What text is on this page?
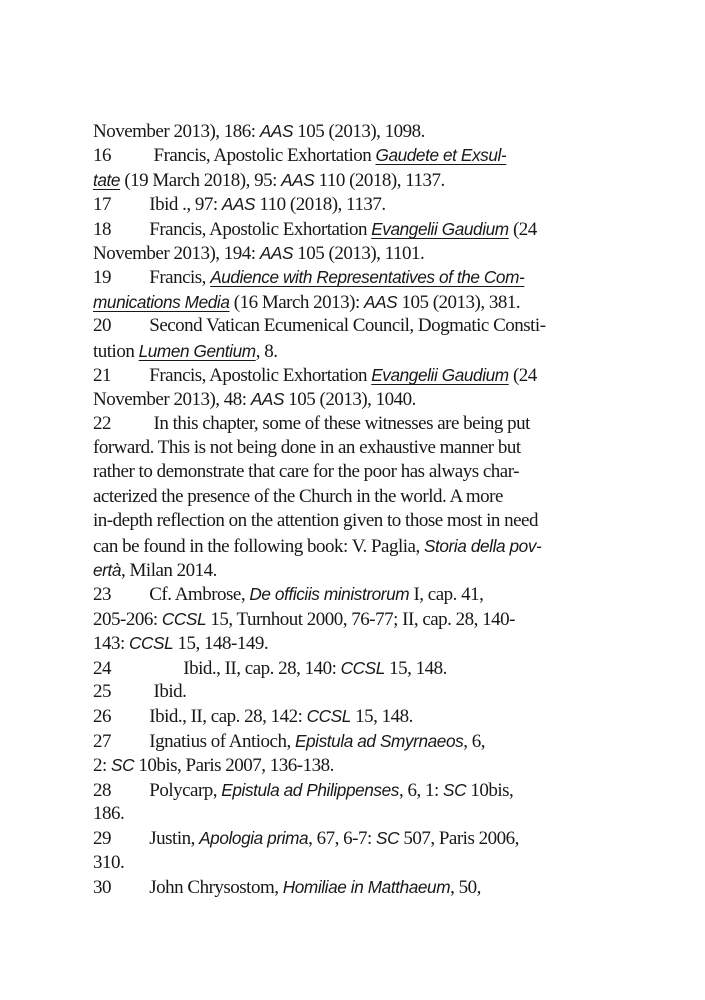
November 2013), 186: AAS 105 (2013), 1098.
16          Francis, Apostolic Exhortation Gaudete et Exsul-
tate (19 March 2018), 95: AAS 110 (2018), 1137.
17         Ibid ., 97: AAS 110 (2018), 1137.
18         Francis, Apostolic Exhortation Evangelii Gaudium (24
November 2013), 194: AAS 105 (2013), 1101.
19         Francis, Audience with Representatives of the Com-
munications Media (16 March 2013): AAS 105 (2013), 381.
20         Second Vatican Ecumenical Council, Dogmatic Consti-
tution Lumen Gentium, 8.
21         Francis, Apostolic Exhortation Evangelii Gaudium (24
November 2013), 48: AAS 105 (2013), 1040.
22          In this chapter, some of these witnesses are being put
forward. This is not being done in an exhaustive manner but
rather to demonstrate that care for the poor has always char-
acterized the presence of the Church in the world. A more
in-depth reflection on the attention given to those most in need
can be found in the following book: V. Paglia, Storia della pov-
ertà, Milan 2014.
23         Cf. Ambrose, De officiis ministrorum I, cap. 41,
205-206: CCSL 15, Turnhout 2000, 76-77; II, cap. 28, 140-
143: CCSL 15, 148-149.
24                 Ibid., II, cap. 28, 140: CCSL 15, 148.
25          Ibid.
26         Ibid., II, cap. 28, 142: CCSL 15, 148.
27         Ignatius of Antioch, Epistula ad Smyrnaeos, 6,
2: SC 10bis, Paris 2007, 136-138.
28         Polycarp, Epistula ad Philippenses, 6, 1: SC 10bis,
186.
29         Justin, Apologia prima, 67, 6-7: SC 507, Paris 2006,
310.
30         John Chrysostom, Homiliae in Matthaeum, 50,
